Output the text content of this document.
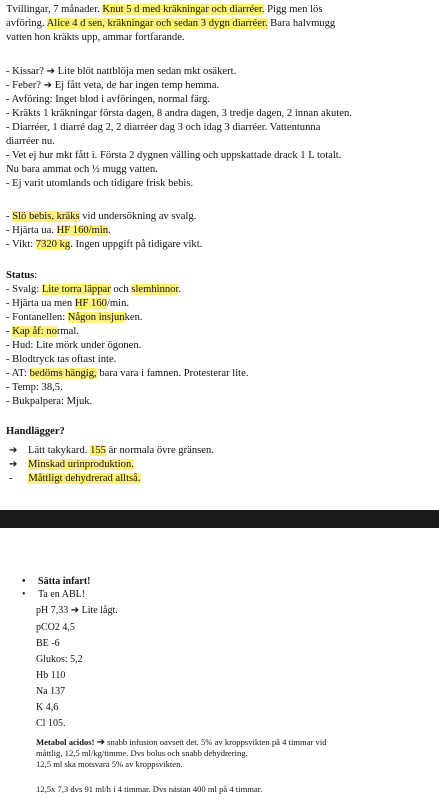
Tvillingar, 7 månader. Knut 5 d med kräkningar och diarréer. Pigg men lös
avföring. Alice 4 d sen, kräkningar och sedan 3 dygn diarréer. Bara halvmugg
vatten hon kräkts upp, ammar fortfarande.
- Kissar? ➔ Lite blöt nattblöja men sedan mkt osäkert.
- Feber? ➔ Ej fått veta, de har ingen temp hemma.
- Avföring: Inget blod i avföringen, normal färg.
- Kräkts 1 kräkningar första dagen, 8 andra dagen, 3 tredje dagen, 2 innan akuten.
- Diarréer, 1 diarré dag 2, 2 diarréer dag 3 och idag 3 diarréer. Vattentunna
diarréer nu.
- Vet ej hur mkt fått i. Första 2 dygnen välling och uppskattade drack 1 L totalt.
Nu bara ammat och ½ mugg vatten.
- Ej varit utomlands och tidigare frisk bebis.
- Slö bebis, kräks vid undersökning av svalg.
- Hjärta ua. HF 160/min.
- Vikt: 7320 kg. Ingen uppgift på tidigare vikt.
Status:
- Svalg: Lite torra läppar och slemhinnor.
- Hjärta ua men HF 160/min.
- Fontanellen: Någon insjunken.
- Kap åf: normal.
- Hud: Lite mörk under ögonen.
- Blodtryck tas oftast inte.
- AT: bedöms hängig, bara vara i famnen. Protesterar lite.
- Temp: 38,5.
- Bukpalpera: Mjuk.
Handlägger?
➔ Lätt takykard. 155 är normala övre gränsen.
➔ Minskad urinproduktion.
- Måttligt dehydrerad alltså.
• Sätta infart!
• Ta en ABL!
pH 7,33 ➔ Lite lågt.
pCO2 4,5
BE -6
Glukos: 5,2
Hb 110
Na 137
K 4,6
Cl 105.
Metabol acidos! ➔ snabb infusion oavsett det. 5% av kroppsvikten på 4 timmar vid
måttlig, 12,5 ml/kg/timme. Dvs bolus och snabb dehydrering.
12,5 ml ska motsvara 5% av kroppsvikten.
12,5x 7,3 dvs 91 ml/h i 4 timmar. Dvs nästan 400 ml på 4 timmar.
